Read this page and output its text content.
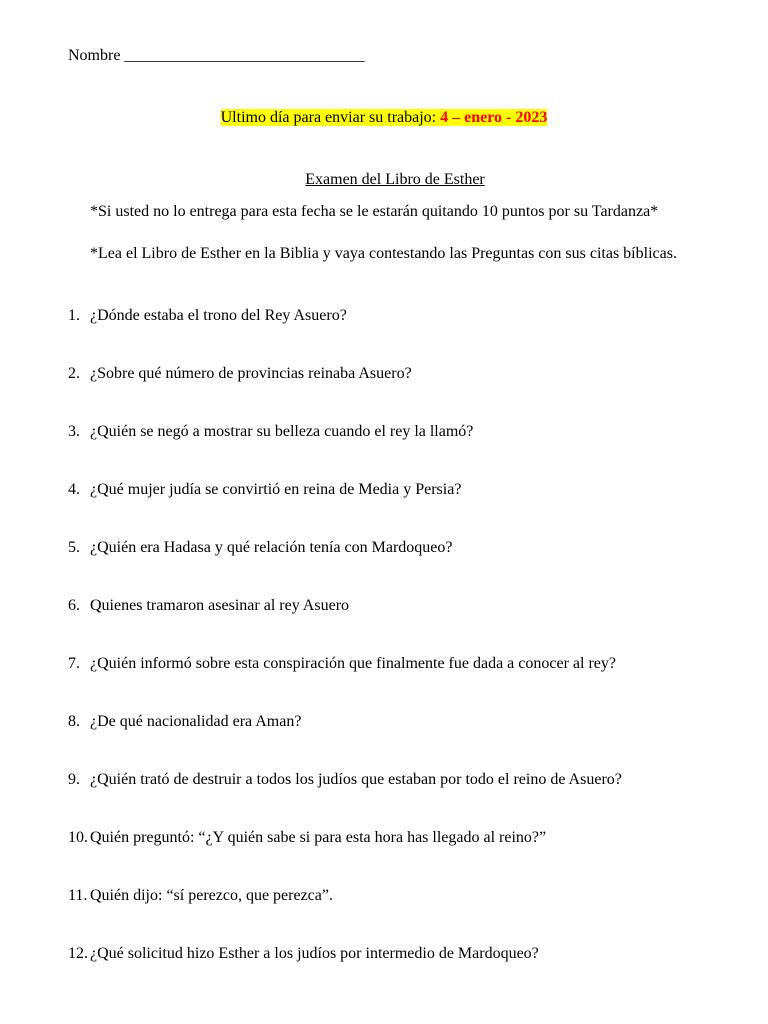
Nombre ______________________________
Ultimo día para enviar su trabajo: 4 – enero - 2023
Examen del Libro de Esther
*Si usted no lo entrega para esta fecha se le estarán quitando 10 puntos por su Tardanza*
*Lea el Libro de Esther en la Biblia y vaya contestando las Preguntas con sus citas bíblicas.
1. ¿Dónde estaba el trono del Rey Asuero?
2. ¿Sobre qué número de provincias reinaba Asuero?
3. ¿Quién se negó a mostrar su belleza cuando el rey la llamó?
4. ¿Qué mujer judía se convirtió en reina de Media y Persia?
5. ¿Quién era Hadasa y qué relación tenía con Mardoqueo?
6. Quienes tramaron asesinar al rey Asuero
7. ¿Quién informó sobre esta conspiración que finalmente fue dada a conocer al rey?
8. ¿De qué nacionalidad era Aman?
9. ¿Quién trató de destruir a todos los judíos que estaban por todo el reino de Asuero?
10. Quién preguntó: “¿Y quién sabe si para esta hora has llegado al reino?”
11. Quién dijo: “sí perezco, que perezca”.
12. ¿Qué solicitud hizo Esther a los judíos por intermedio de Mardoqueo?
